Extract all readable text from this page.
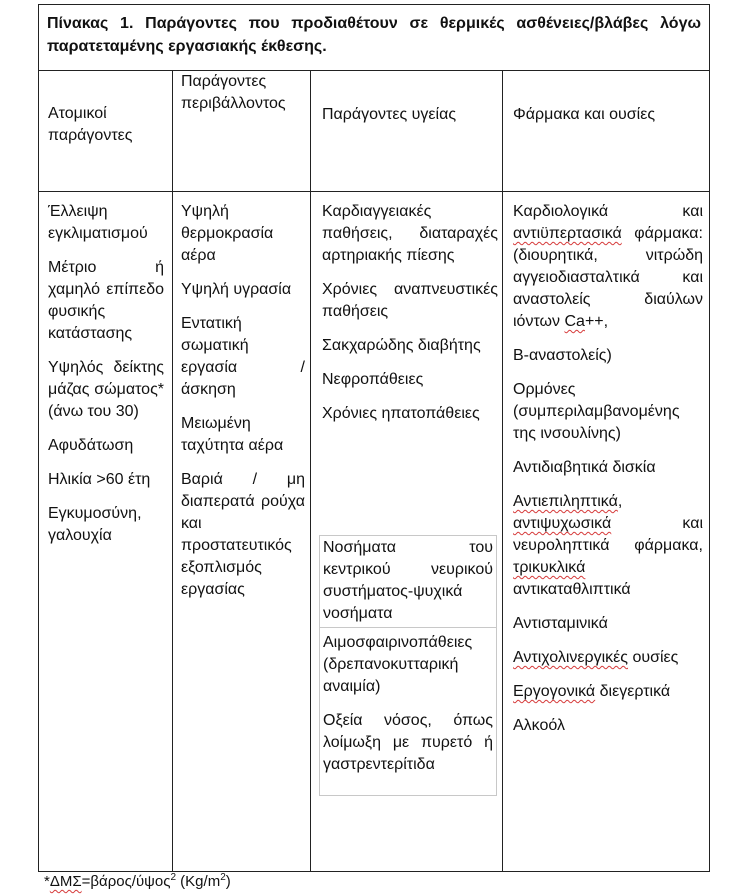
Πίνακας 1. Παράγοντες που προδιαθέτουν σε θερμικές ασθένειες/βλάβες λόγω παρατεταμένης εργασιακής έκθεσης.
Ατομικοί παράγοντες
Παράγοντες περιβάλλοντος
Παράγοντες υγείας	Φάρμακα και ουσίες

Έλλειψη εγκλιματισμού

Μέτριο ή χαμηλό επίπεδο φυσικής κατάστασης

Υψηλός δείκτης μάζας σώματος* (άνω του 30)

Αφυδάτωση

Ηλικία >60 έτη

Εγκυμοσύνη, γαλουχία

Υψηλή θερμοκρασία αέρα

Υψηλή υγρασία

Εντατική σωματική εργασία / άσκηση

Μειωμένη ταχύτητα αέρα

Βαριά / μη διαπερατά ρούχα και προστατευτικός εξοπλισμός εργασίας

Καρδιαγγειακές παθήσεις, διαταραχές αρτηριακής πίεσης

Χρόνιες αναπνευστικές παθήσεις

Σακχαρώδης διαβήτης

Νεφροπάθειες

Χρόνιες ηπατοπάθειες

Νοσήματα του κεντρικού νευρικού συστήματος-ψυχικά νοσήματα

Αιμοσφαιρινοπάθειες (δρεπανοκυτταρική αναιμία)

Οξεία νόσος, όπως λοίμωξη με πυρετό ή γαστρεντερίτιδα

Καρδιολογικά και αντιϋπερτασικά φάρμακα: (διουρητικά, νιτρώδη αγγειοδιασταλτικά και αναστολείς διαύλων ιόντων Ca++,

Β-αναστολείς)

Ορμόνες (συμπεριλαμβανομένης της ινσουλίνης)

Αντιδιαβητικά δισκία

Αντιεπιληπτικά, αντιψυχωσικά και νευροληπτικά φάρμακα, τρικυκλικά αντικαταθλιπτικά

Αντισταμινικά

Αντιχολινεργικές ουσίες

Εργογονικά διεγερτικά

Αλκοόλ

*ΔΜΣ=βάρος/ύψος$^2$ $(Kg/m^2)$
